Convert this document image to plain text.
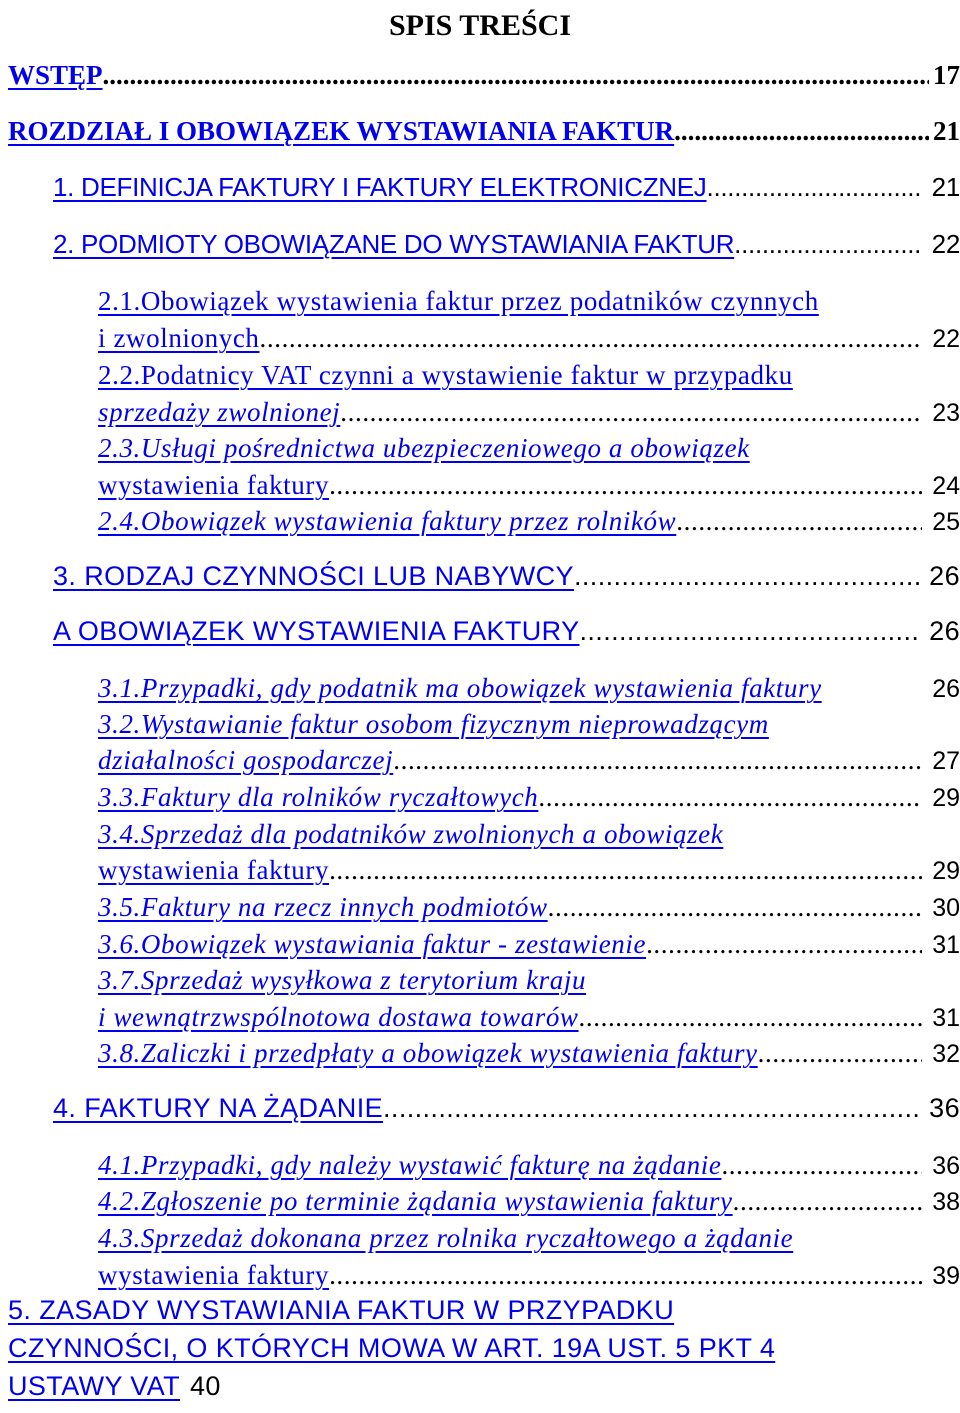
SPIS TREŚCI
WSTĘP .....	17
ROZDZIAŁ I OBOWIĄZEK WYSTAWIANIA FAKTUR .....	21
1. DEFINICJA FAKTURY I FAKTURY ELEKTRONICZNEJ .....	21
2. PODMIOTY OBOWIĄZANE DO WYSTAWIANIA FAKTUR .....	22
2.1.Obowiązek wystawienia faktur przez podatników czynnych
i zwolnionych .....	22
2.2.Podatnicy VAT czynni a wystawienie faktur w przypadku
sprzedaży zwolnionej .....	23
2.3.Usługi pośrednictwa ubezpieczeniowego a obowiązek
wystawienia faktury .....	24
2.4.Obowiązek wystawienia faktury przez rolników .....	25
3. RODZAJ CZYNNOŚCI LUB NABYWCY .....	26
A OBOWIĄZEK WYSTAWIENIA FAKTURY .....	26
3.1.Przypadki, gdy podatnik ma obowiązek wystawienia faktury	26
3.2.Wystawianie faktur osobom fizycznym nieprowadzącym
działalności gospodarczej .....	27
3.3.Faktury dla rolników ryczałtowych .....	29
3.4.Sprzedaż dla podatników zwolnionych a obowiązek
wystawienia faktury .....	29
3.5.Faktury na rzecz innych podmiotów .....	30
3.6.Obowiązek wystawiania faktur - zestawienie .....	31
3.7.Sprzedaż wysyłkowa z terytorium kraju
i wewnątrzwspólnotowa dostawa towarów .....	31
3.8.Zaliczki i przedpłaty a obowiązek wystawienia faktury .....	32
4. FAKTURY NA ŻĄDANIE .....	36
4.1.Przypadki, gdy należy wystawić fakturę na żądanie .....	36
4.2.Zgłoszenie po terminie żądania wystawienia faktury .....	38
4.3.Sprzedaż dokonana przez rolnika ryczałtowego a żądanie
wystawienia faktury .....	39
5. ZASADY WYSTAWIANIA FAKTUR W PRZYPADKU
CZYNNOŚCI, O KTÓRYCH MOWA W ART. 19A UST. 5 PKT 4
USTAWY VAT 40
